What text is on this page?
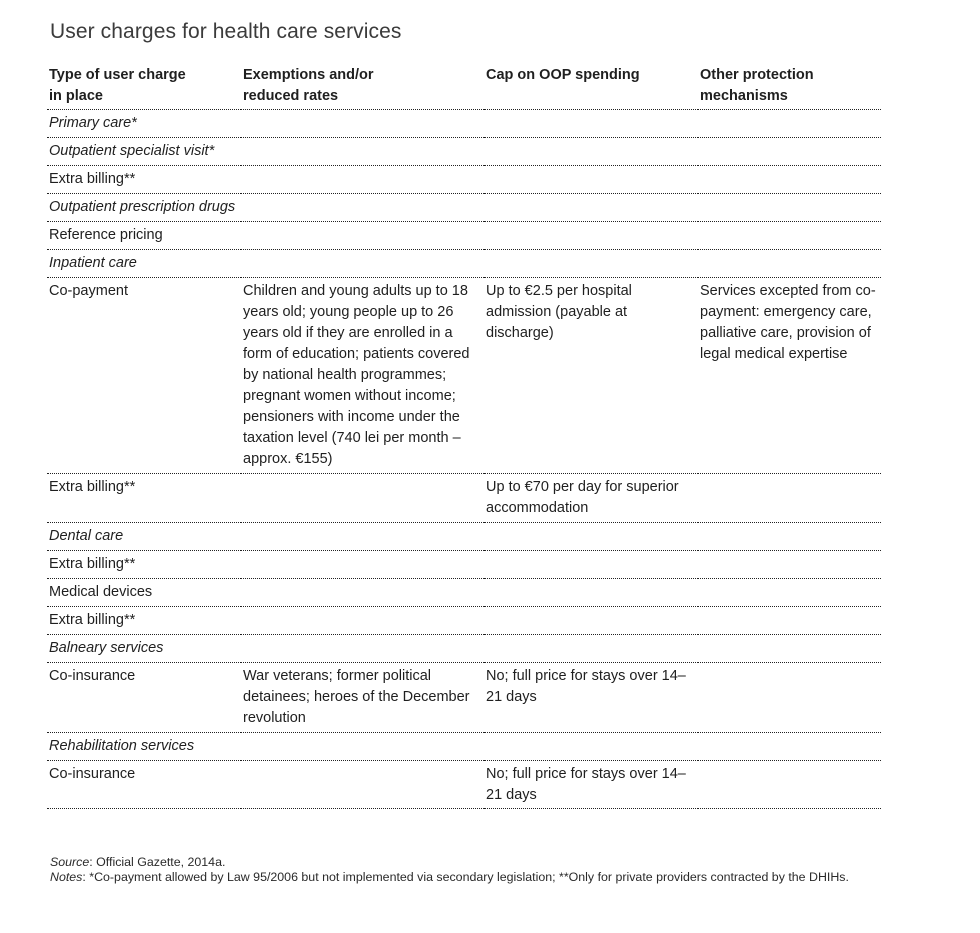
User charges for health care services
Type of user charge in place	Exemptions and/or reduced rates	Cap on OOP spending	Other protection mechanisms
Primary care*			
Outpatient specialist visit*			
Extra billing**			
Outpatient prescription drugs			
Reference pricing			
Inpatient care			
Co-payment	Children and young adults up to 18 years old; young people up to 26 years old if they are enrolled in a form of education; patients covered by national health programmes; pregnant women without income; pensioners with income under the taxation level (740 lei per month – approx. €155)	Up to €2.5 per hospital admission (payable at discharge)	Services excepted from co-payment: emergency care, palliative care, provision of legal medical expertise
Extra billing**		Up to €70 per day for superior accommodation	
Dental care			
Extra billing**			
Medical devices			
Extra billing**			
Balneary services			
Co-insurance	War veterans; former political detainees; heroes of the December revolution	No; full price for stays over 14–21 days	
Rehabilitation services			
Co-insurance		No; full price for stays over 14–21 days	
Source: Official Gazette, 2014a.
Notes: *Co-payment allowed by Law 95/2006 but not implemented via secondary legislation; **Only for private providers contracted by the DHIHs.
